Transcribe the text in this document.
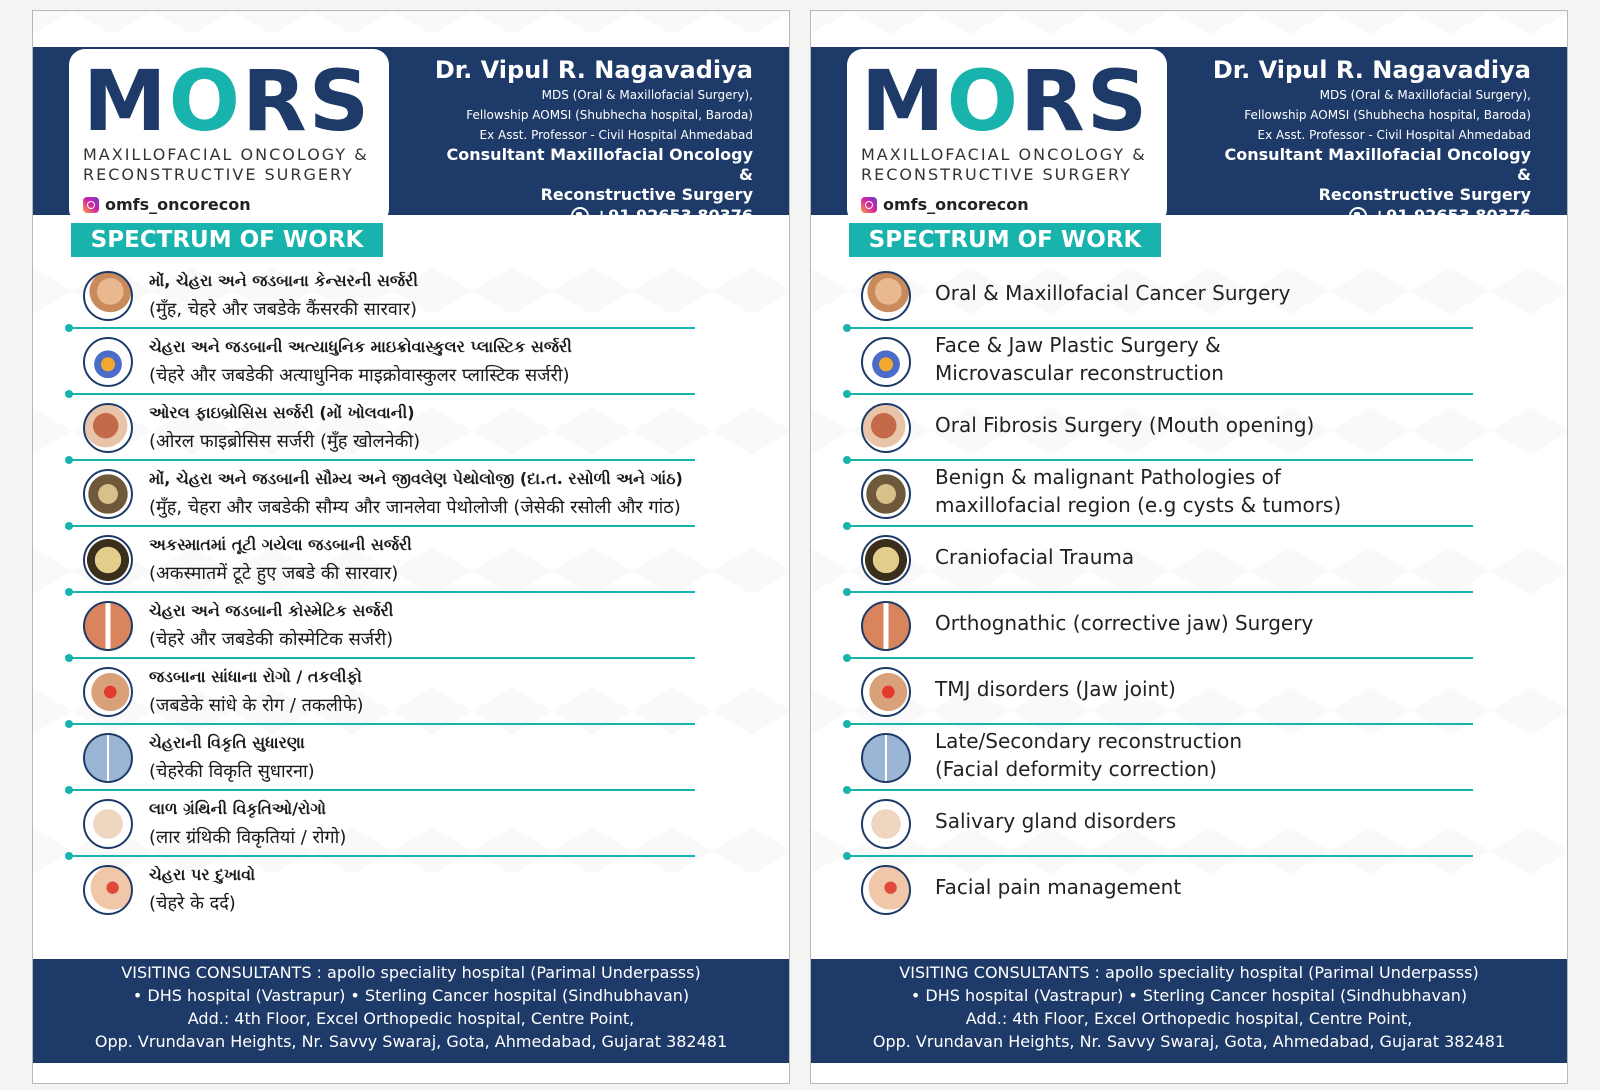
MORS
MAXILLOFACIAL ONCOLOGY &
RECONSTRUCTIVE SURGERY
omfs_oncorecon
Dr. Vipul R. Nagavadiya
MDS (Oral & Maxillofacial Surgery),
Fellowship AOMSI (Shubhecha hospital, Baroda)
Ex Asst. Professor - Civil Hospital Ahmedabad
Consultant Maxillofacial Oncology &
Reconstructive Surgery
+91 92653 80376
SPECTRUM OF WORK
મોં, ચેહરા અને જડબાના કેન્સરની સર્જરી
(मुँह, चेहरे और जबडेके कैंसरकी सारवार)
ચેહરા અને જડબાની અત્યાધુનિક માઇક્રોવાસ્કુલર પ્લાસ્ટિક સર્જરી
(चेहरे और जबडेकी अत्याधुनिक माइक्रोवास्कुलर प्लास्टिक सर्जरी)
ઓરલ ફાઇબ્રોસિસ સર્જરી (મોં ખોલવાની)
(ओरल फाइब्रोसिस सर्जरी (मुँह खोलनेकी)
મોં, ચેહરા અને જડબાની સૌમ્ય અને જીવલેણ પેથોલોજી (દા.ત. રસોળી અને ગાંઠ)
(मुँह, चेहरा और जबडेकी सौम्य और जानलेवा पेथोलोजी (जेसेकी रसोली और गांठ)
અકસ્માતમાં તૂટી ગયેલા જડબાની સર્જરી
(अकस्मातमें टूटे हुए जबडे की सारवार)
ચેહરા અને જડબાની કોસ્મેટિક સર્જરી
(चेहरे और जबडेकी कोस्मेटिक सर्जरी)
જડબાના સાંધાના રોગો / તકલીફો
(जबडेके सांधे के रोग / तकलीफे)
ચેહરાની વિકૃતિ સુધારણા
(चेहरेकी विकृति सुधारना)
લાળ ગ્રંથિની વિકૃતિઓ/રોગો
(लार ग्रंथिकी विकृतियां / रोगो)
ચેહરા પર દુખાવો
(चेहरे के दर्द)
VISITING CONSULTANTS : apollo speciality hospital (Parimal Underpasss)
• DHS hospital (Vastrapur) • Sterling Cancer hospital (Sindhubhavan)
Add.: 4th Floor, Excel Orthopedic hospital, Centre Point,
Opp. Vrundavan Heights, Nr. Savvy Swaraj, Gota, Ahmedabad, Gujarat 382481
MORS
MAXILLOFACIAL ONCOLOGY &
RECONSTRUCTIVE SURGERY
omfs_oncorecon
Dr. Vipul R. Nagavadiya
MDS (Oral & Maxillofacial Surgery),
Fellowship AOMSI (Shubhecha hospital, Baroda)
Ex Asst. Professor - Civil Hospital Ahmedabad
Consultant Maxillofacial Oncology &
Reconstructive Surgery
+91 92653 80376
SPECTRUM OF WORK
Oral & Maxillofacial Cancer Surgery
Face & Jaw Plastic Surgery &
Microvascular reconstruction
Oral Fibrosis Surgery (Mouth opening)
Benign & malignant Pathologies of
maxillofacial region (e.g cysts & tumors)
Craniofacial Trauma
Orthognathic (corrective jaw) Surgery
TMJ disorders (Jaw joint)
Late/Secondary reconstruction
(Facial deformity correction)
Salivary gland disorders
Facial pain management
VISITING CONSULTANTS : apollo speciality hospital (Parimal Underpasss)
• DHS hospital (Vastrapur) • Sterling Cancer hospital (Sindhubhavan)
Add.: 4th Floor, Excel Orthopedic hospital, Centre Point,
Opp. Vrundavan Heights, Nr. Savvy Swaraj, Gota, Ahmedabad, Gujarat 382481
